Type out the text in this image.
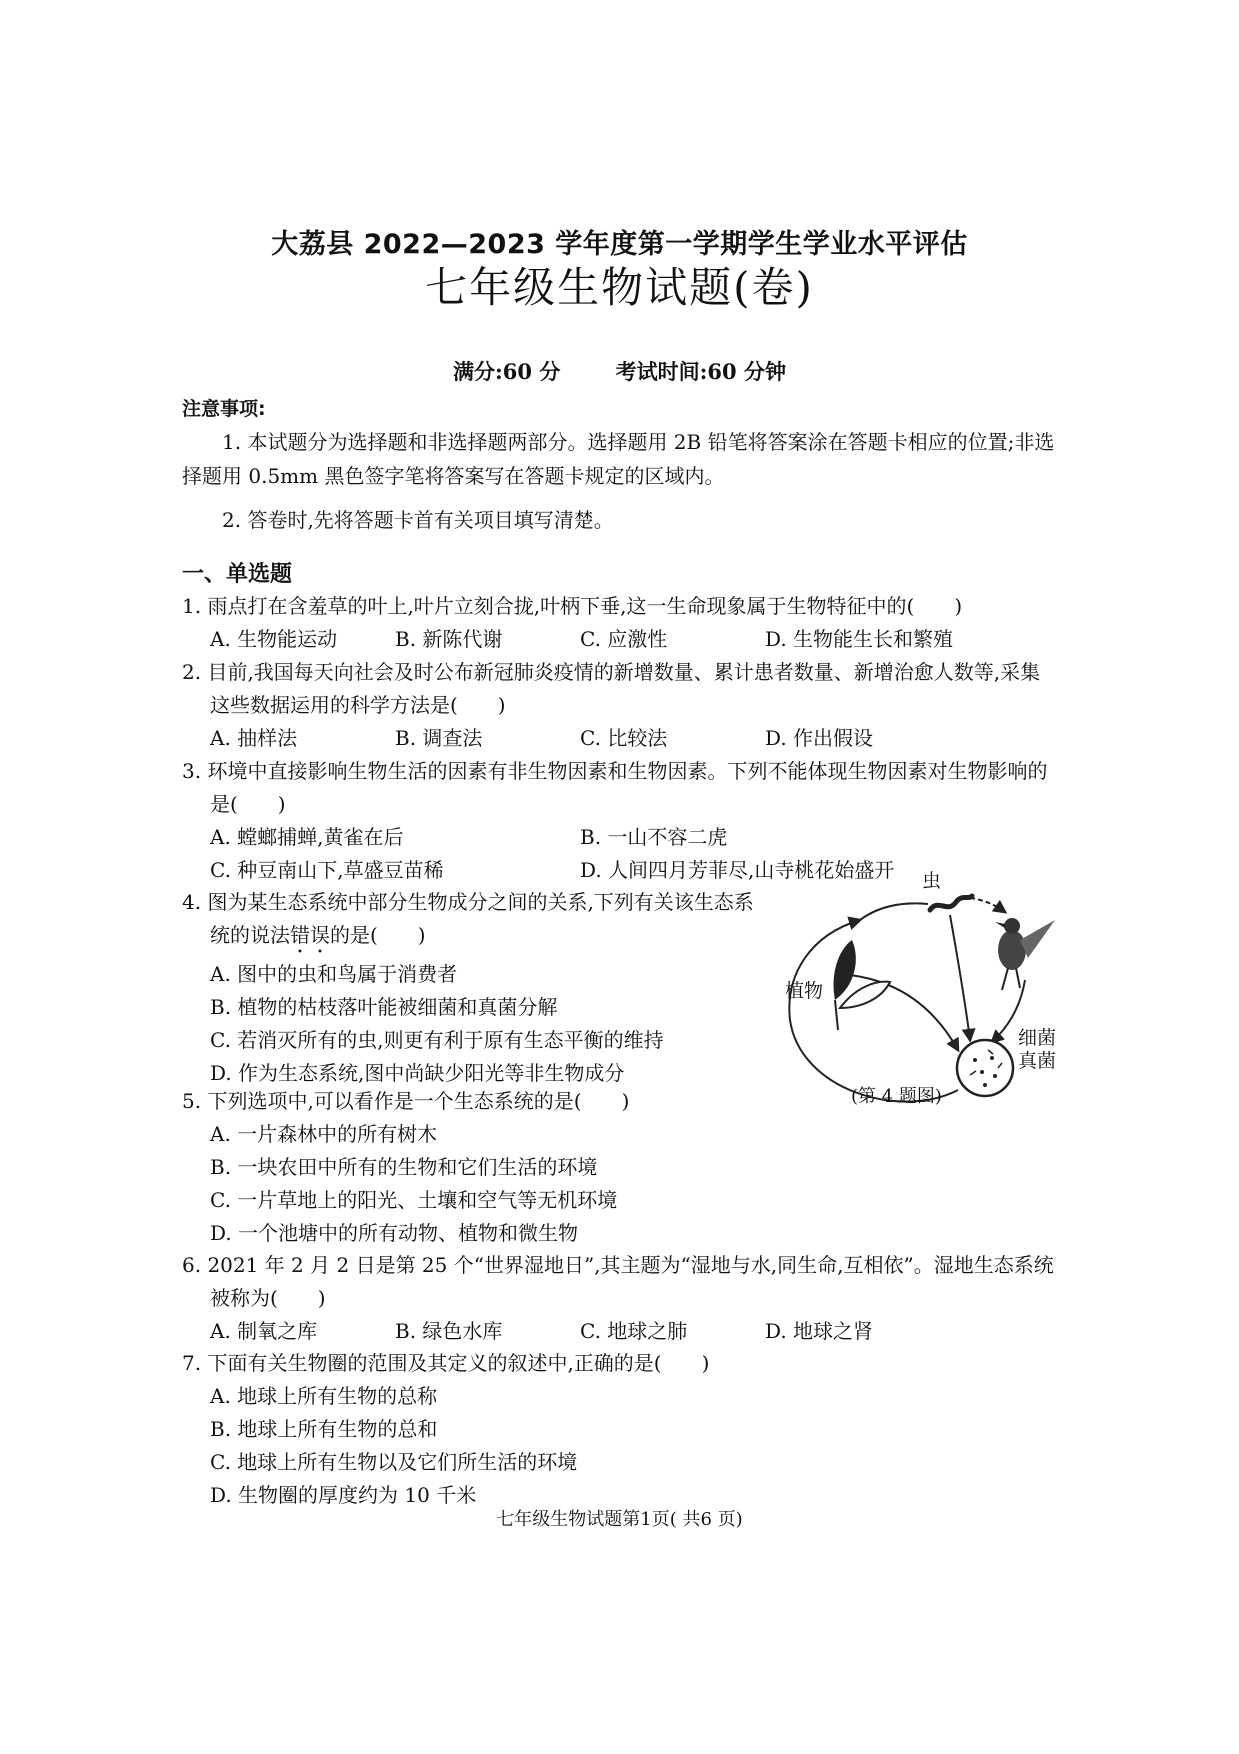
大荔县 2022—2023 学年度第一学期学生学业水平评估
七年级生物试题(卷)
满分:60 分	考试时间:60 分钟
注意事项:
1. 本试题分为选择题和非选择题两部分。选择题用 2B 铅笔将答案涂在答题卡相应的位置;非选择题用 0.5mm 黑色签字笔将答案写在答题卡规定的区域内。
2. 答卷时,先将答题卡首有关项目填写清楚。
一、单选题
1. 雨点打在含羞草的叶上,叶片立刻合拢,叶柄下垂,这一生命现象属于生物特征中的(　　)
A. 生物能运动	B. 新陈代谢	C. 应激性	D. 生物能生长和繁殖
2. 目前,我国每天向社会及时公布新冠肺炎疫情的新增数量、累计患者数量、新增治愈人数等,采集这些数据运用的科学方法是(　　)
A. 抽样法	B. 调查法	C. 比较法	D. 作出假设
3. 环境中直接影响生物生活的因素有非生物因素和生物因素。下列不能体现生物因素对生物影响的是(　　)
A. 螳螂捕蝉,黄雀在后	B. 一山不容二虎
C. 种豆南山下,草盛豆苗稀	D. 人间四月芳菲尽,山寺桃花始盛开
4. 图为某生态系统中部分生物成分之间的关系,下列有关该生态系统的说法错误的是(　　)
A. 图中的虫和鸟属于消费者
B. 植物的枯枝落叶能被细菌和真菌分解
C. 若消灭所有的虫,则更有利于原有生态平衡的维持
D. 作为生态系统,图中尚缺少阳光等非生物成分
虫
植物
细菌
真菌
(第 4 题图)
5. 下列选项中,可以看作是一个生态系统的是(　　)
A. 一片森林中的所有树木
B. 一块农田中所有的生物和它们生活的环境
C. 一片草地上的阳光、土壤和空气等无机环境
D. 一个池塘中的所有动物、植物和微生物
6. 2021 年 2 月 2 日是第 25 个“世界湿地日”,其主题为“湿地与水,同生命,互相依”。湿地生态系统被称为(　　)
A. 制氧之库	B. 绿色水库	C. 地球之肺	D. 地球之肾
7. 下面有关生物圈的范围及其定义的叙述中,正确的是(　　)
A. 地球上所有生物的总称
B. 地球上所有生物的总和
C. 地球上所有生物以及它们所生活的环境
D. 生物圈的厚度约为 10 千米
七年级生物试题第1页( 共6 页)
